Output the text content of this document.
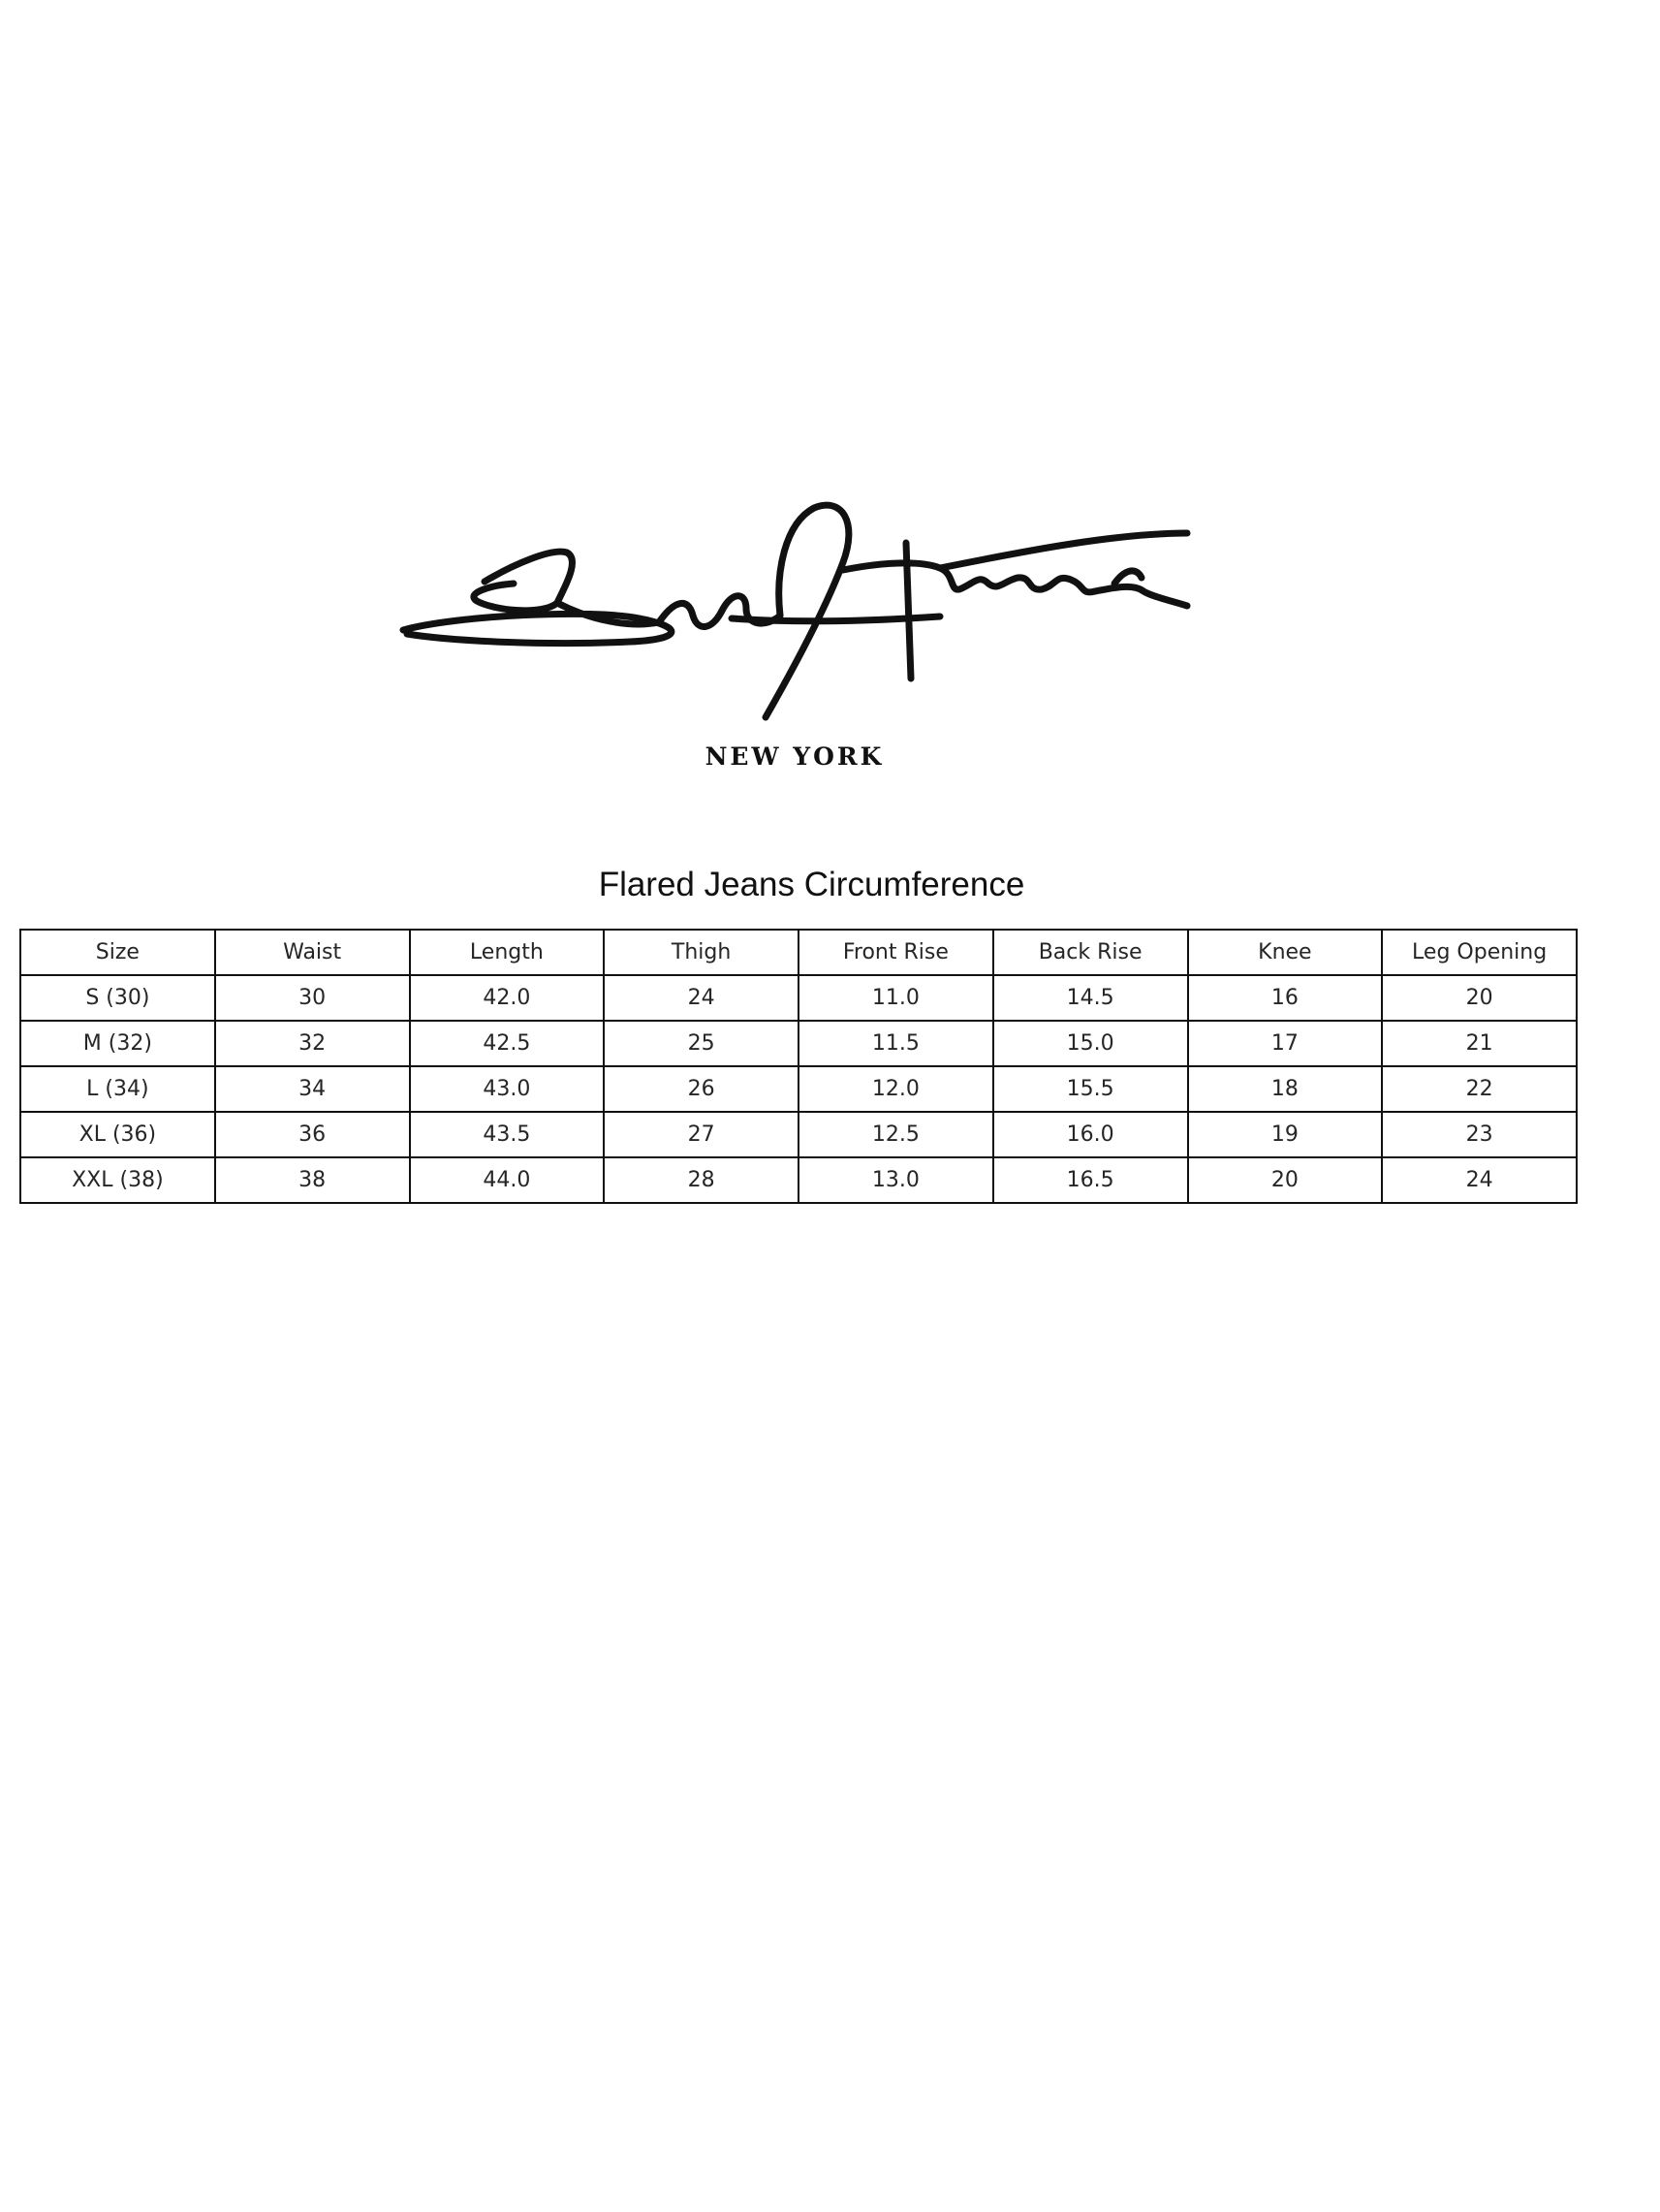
NEW YORK
Flared Jeans Circumference
Size	Waist	Length	Thigh	Front Rise	Back Rise	Knee	Leg Opening
S (30)	30	42.0	24	11.0	14.5	16	20
M (32)	32	42.5	25	11.5	15.0	17	21
L (34)	34	43.0	26	12.0	15.5	18	22
XL (36)	36	43.5	27	12.5	16.0	19	23
XXL (38)	38	44.0	28	13.0	16.5	20	24
